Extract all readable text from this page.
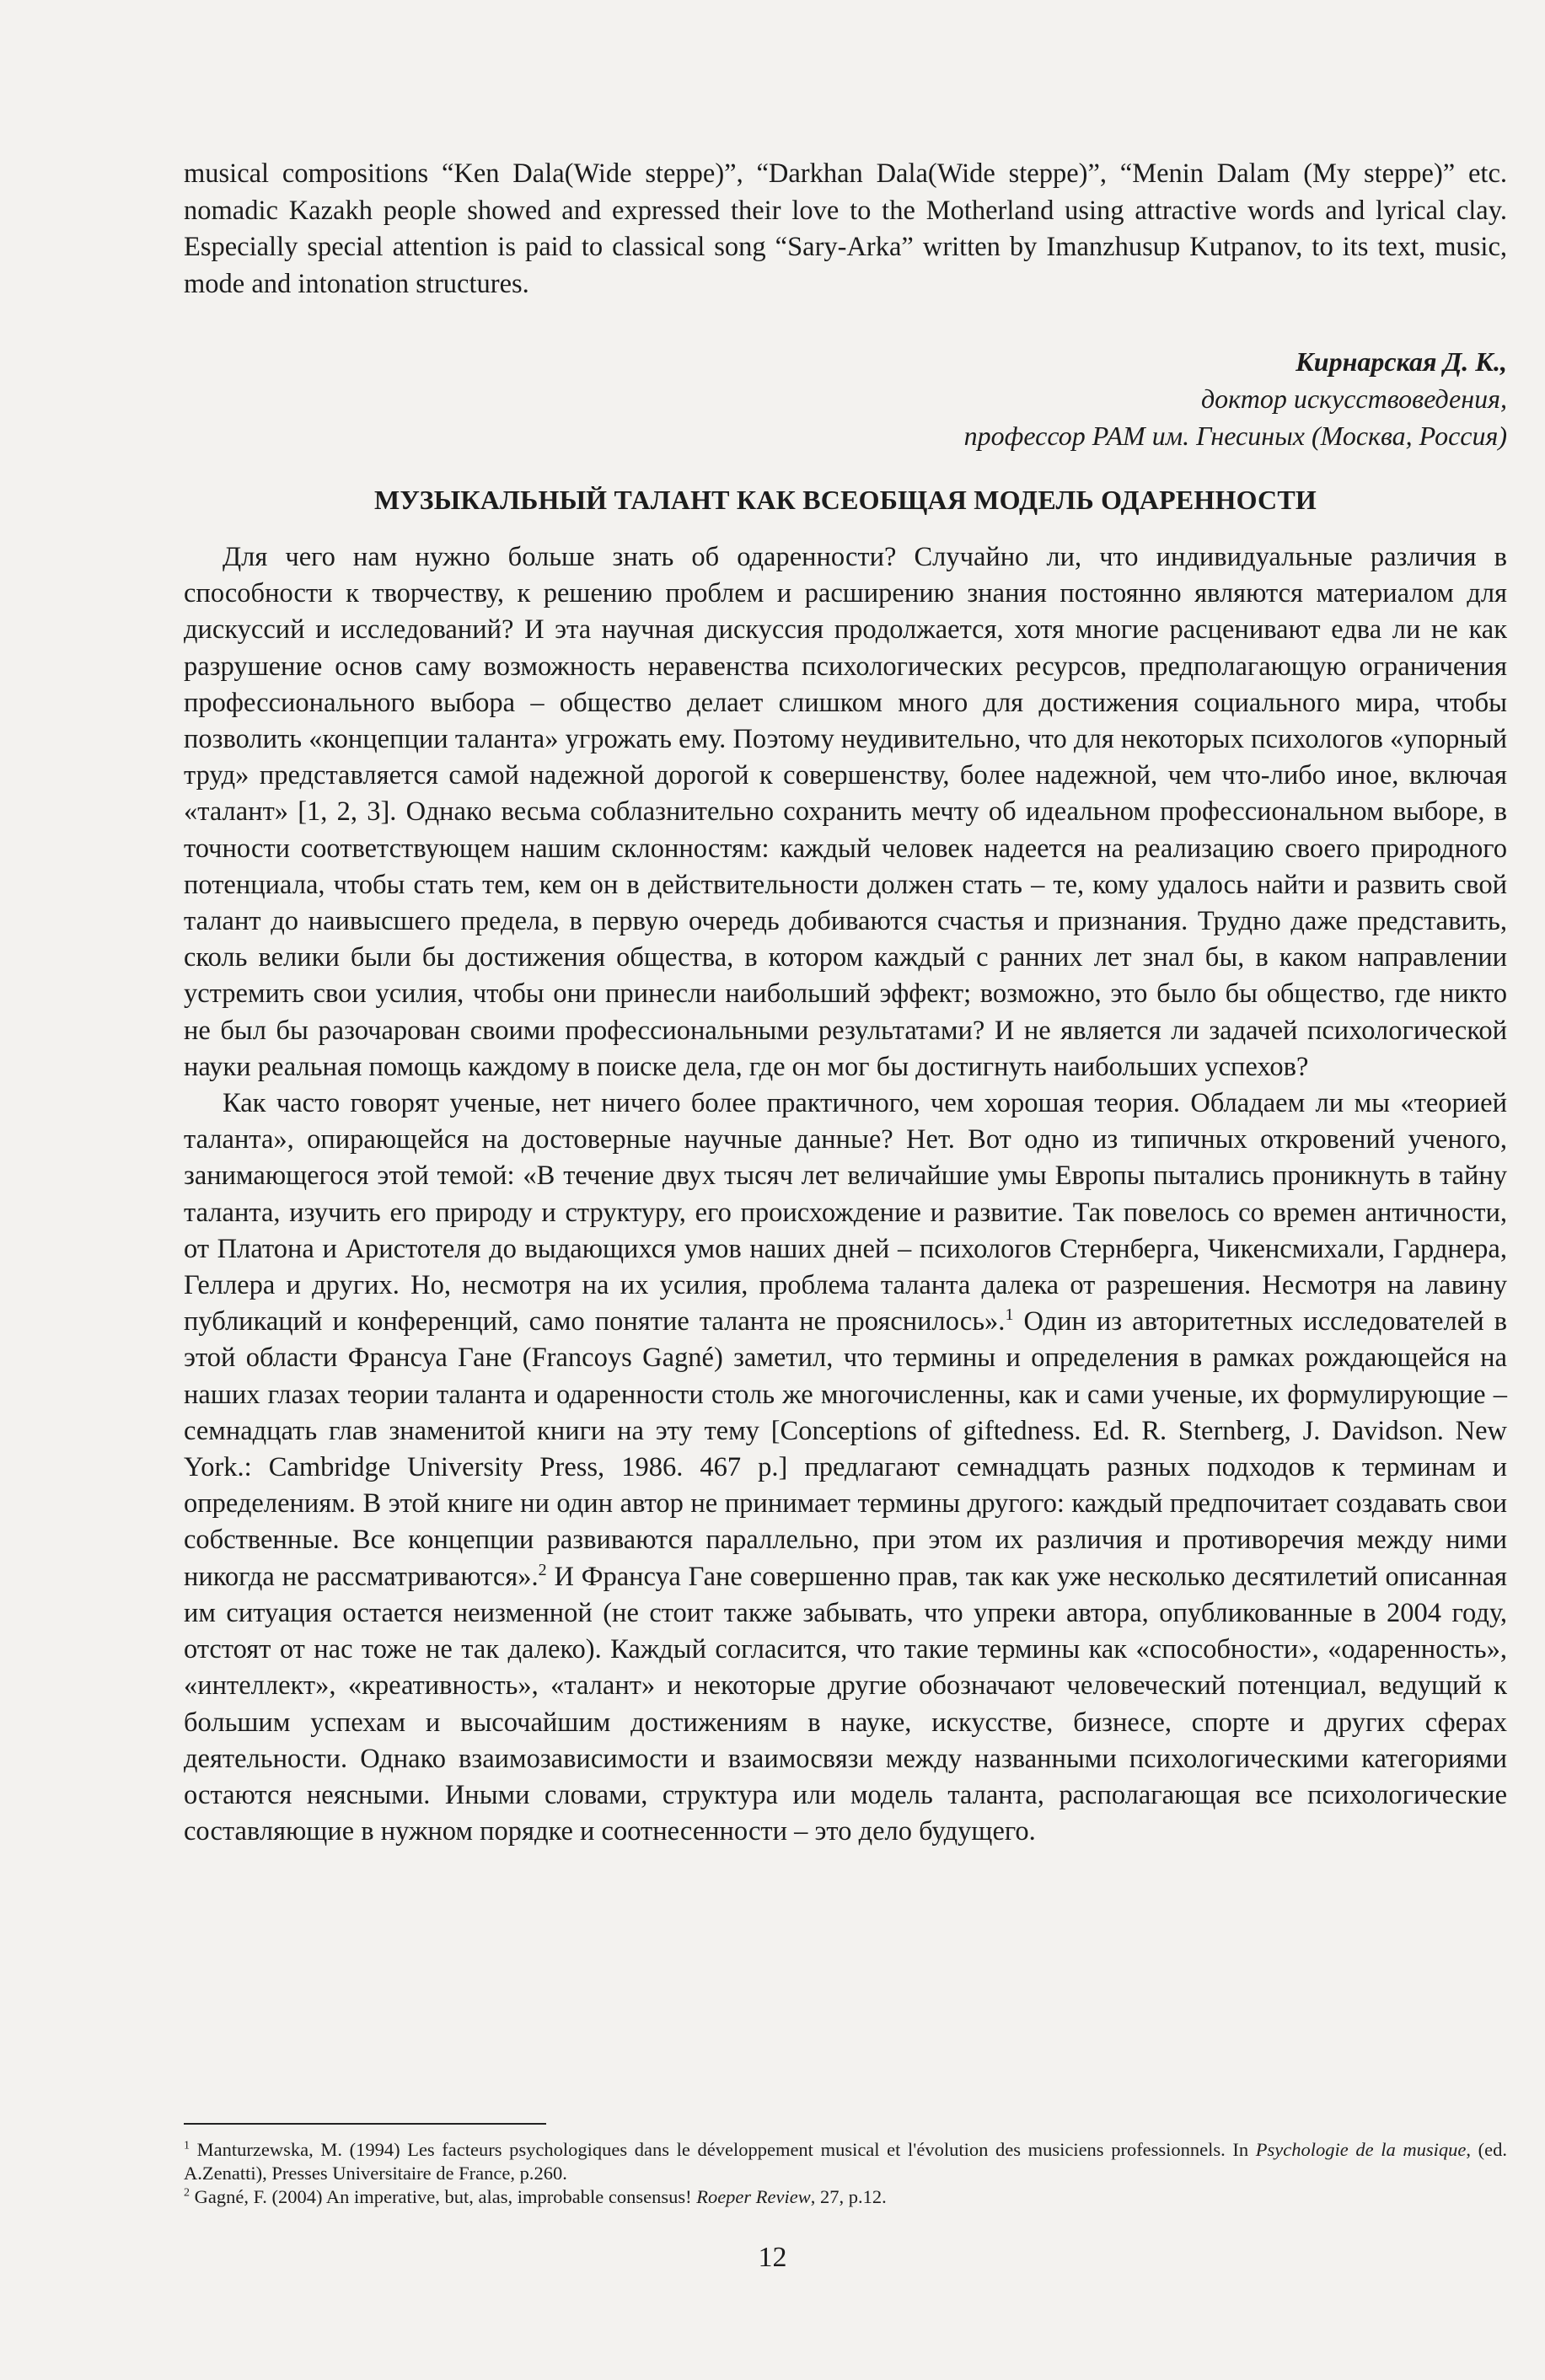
musical compositions “Ken Dala(Wide steppe)”, “Darkhan Dala(Wide steppe)”, “Menin Dalam (My steppe)” etc. nomadic Kazakh people showed and expressed their love to the Motherland using attractive words and lyrical clay. Especially special attention is paid to classical song “Sary-Arka” written by Imanzhusup Kutpanov, to its text, music, mode and intonation structures.

Кирнарская Д. К.,
доктор искусствоведения,
профессор РАМ им. Гнесиных (Москва, Россия)
МУЗЫКАЛЬНЫЙ ТАЛАНТ КАК ВСЕОБЩАЯ МОДЕЛЬ ОДАРЕННОСТИ

Для чего нам нужно больше знать об одаренности? Случайно ли, что индивидуальные различия в способности к творчеству, к решению проблем и расширению знания постоянно являются материалом для дискуссий и исследований? И эта научная дискуссия продолжается, хотя многие расценивают едва ли не как разрушение основ саму возможность неравенства психологических ресурсов, предполагающую ограничения профессионального выбора – общество делает слишком много для достижения социального мира, чтобы позволить «концепции таланта» угрожать ему. Поэтому неудивительно, что для некоторых психологов «упорный труд» представляется самой надежной дорогой к совершенству, более надежной, чем что-либо иное, включая «талант» [1, 2, 3]. Однако весьма соблазнительно сохранить мечту об идеальном профессиональном выборе, в точности соответствующем нашим склонностям: каждый человек надеется на реализацию своего природного потенциала, чтобы стать тем, кем он в действительности должен стать – те, кому удалось найти и развить свой талант до наивысшего предела, в первую очередь добиваются счастья и признания. Трудно даже представить, сколь велики были бы достижения общества, в котором каждый с ранних лет знал бы, в каком направлении устремить свои усилия, чтобы они принесли наибольший эффект; возможно, это было бы общество, где никто не был бы разочарован своими профессиональными результатами? И не является ли задачей психологической науки реальная помощь каждому в поиске дела, где он мог бы достигнуть наибольших успехов?

Как часто говорят ученые, нет ничего более практичного, чем хорошая теория. Обладаем ли мы «теорией таланта», опирающейся на достоверные научные данные? Нет. Вот одно из типичных откровений ученого, занимающегося этой темой: «В течение двух тысяч лет величайшие умы Европы пытались проникнуть в тайну таланта, изучить его природу и структуру, его происхождение и развитие. Так повелось со времен античности, от Платона и Аристотеля до выдающихся умов наших дней – психологов Стернберга, Чикенсмихали, Гарднера, Геллера и других. Но, несмотря на их усилия, проблема таланта далека от разрешения. Несмотря на лавину публикаций и конференций, само понятие таланта не прояснилось».$^1$ Один из авторитетных исследователей в этой области Франсуа Гане (Francoys Gagné) заметил, что термины и определения в рамках рождающейся на наших глазах теории таланта и одаренности столь же многочисленны, как и сами ученые, их формулирующие – семнадцать глав знаменитой книги на эту тему [Conceptions of giftedness. Ed. R. Sternberg, J. Davidson. New York.: Cambridge University Press, 1986. 467 p.] предлагают семнадцать разных подходов к терминам и определениям. В этой книге ни один автор не принимает термины другого: каждый предпочитает создавать свои собственные. Все концепции развиваются параллельно, при этом их различия и противоречия между ними никогда не рассматриваются».$^2$ И Франсуа Гане совершенно прав, так как уже несколько десятилетий описанная им ситуация остается неизменной (не стоит также забывать, что упреки автора, опубликованные в 2004 году, отстоят от нас тоже не так далеко). Каждый согласится, что такие термины как «способности», «одаренность», «интеллект», «креативность», «талант» и некоторые другие обозначают человеческий потенциал, ведущий к большим успехам и высочайшим достижениям в науке, искусстве, бизнесе, спорте и других сферах деятельности. Однако взаимозависимости и взаимосвязи между названными психологическими категориями остаются неясными. Иными словами, структура или модель таланта, располагающая все психологические составляющие в нужном порядке и соотнесенности – это дело будущего.

$^1$ Manturzewska, M. (1994) Les facteurs psychologiques dans le développement musical et l'évolution des musiciens professionnels. In Psychologie de la musique, (ed. A.Zenatti), Presses Universitaire de France, p.260.

$^2$ Gagné, F. (2004) An imperative, but, alas, improbable consensus! Roeper Review, 27, p.12.

12
